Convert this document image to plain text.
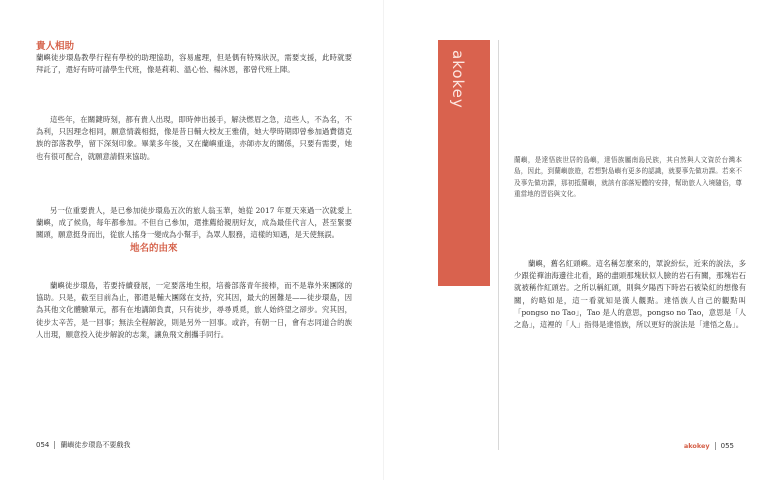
貴人相助

蘭嶼徒步環島教學行程有學校的助理協助，容易處理，但是偶有特殊狀況，需要支援，此時就要拜託了，還好有時可請學生代班，像是莉莉、溫心怡、楊沐恩，都曾代班上陣。

這些年，在關鍵時刻，都有貴人出現，即時伸出援手，解決燃眉之急，這些人，不為名，不為利，只因理念相同，願意情義相挺，像是昔日輔大校友王雅倩，她大學時期即曾參加過費德克族的部落教學，留下深刻印象。畢業多年後，又在蘭嶼重逢，亦師亦友的關係，只要有需要，她也有很可配合，就願意請假來協助。

另一位重要貴人，是已參加徒步環島五次的旅人翁玉華，她從 2017 年夏天來過一次就愛上蘭嶼，成了候鳥，每年都參加。不但自己參加，還推薦給親朋好友，成為最佳代言人，甚至緊要關頭，願意挺身而出，從旅人搖身一變成為小幫手，為眾人服務，這樣的知遇，是天使無誤。

蘭嶼徒步環島，若要持續發展，一定要落地生根，培養部落青年接棒，而不是靠外來團隊的協助。只是，截至目前為止，都還是輔大團隊在支持，究其因，最大的困難是——徒步環島，因為其他文化體驗單元，都有在地講師負責，只有徒步，尋尋覓覓，旅人始終望之卻步。究其因，徒步太辛苦，是一回事；無法全程解說，則是另外一回事。或許，有朝一日，會有志同道合的族人出現，願意投入徒步解說的志業，讓魚飛文創攜手同行。

054 蘭嶼徒步環島不要戲我
akokey

蘭嶼，是達悟族世居的島嶼，達悟族屬南島民族，其自然與人文資於台灣本島，因此，到蘭嶼旅遊，若想對島嶼有更多的認識，就要事先做功課。若來不及事先做功課，那初抵蘭嶼，就該有部落短體的安排，幫助旅人入境隨俗，尊重當地的習俗與文化。

地名的由來

蘭嶼，舊名紅頭嶼。這名稱怎麼來的，眾說紛紜，近來的說法，多少跟從禪油海邊往北看，路的盡頭那塊狀似人臉的岩石有關，那塊岩石就被稱作紅頭岩。之所以稱紅頭，則與夕陽西下時岩石被染紅的想像有關，約略如是，這一看就知是漢人觀點。達悟族人自己的觀點叫「pongso no Tao」，Tao 是人的意思，pongso no Tao，意思是「人之島」，這裡的「人」指得是達悟族，所以更好的說法是「達悟之島」。

akokey 055
